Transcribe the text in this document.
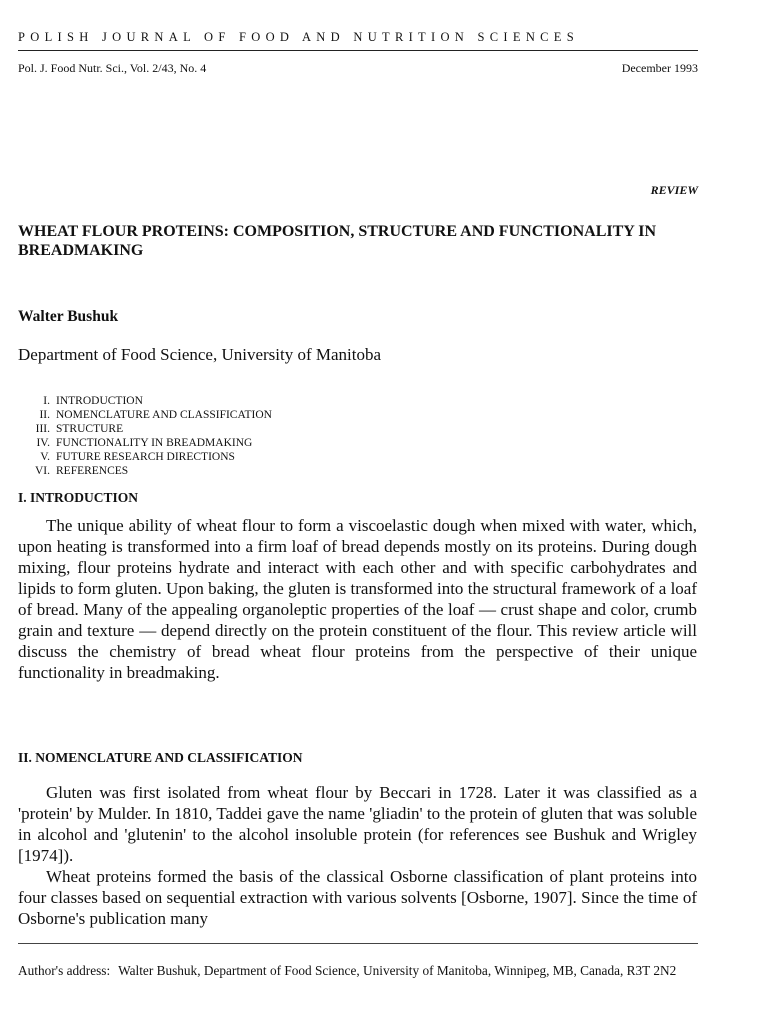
POLISH JOURNAL OF FOOD AND NUTRITION SCIENCES
Pol. J. Food Nutr. Sci., Vol. 2/43, No. 4	December 1993
REVIEW
WHEAT FLOUR PROTEINS: COMPOSITION, STRUCTURE AND FUNCTIONALITY IN BREADMAKING
Walter Bushuk
Department of Food Science, University of Manitoba
I. INTRODUCTION
II. NOMENCLATURE AND CLASSIFICATION
III. STRUCTURE
IV. FUNCTIONALITY IN BREADMAKING
V. FUTURE RESEARCH DIRECTIONS
VI. REFERENCES
I. INTRODUCTION

The unique ability of wheat flour to form a viscoelastic dough when mixed with water, which, upon heating is transformed into a firm loaf of bread depends mostly on its proteins. During dough mixing, flour proteins hydrate and interact with each other and with specific carbohydrates and lipids to form gluten. Upon baking, the gluten is transformed into the structural framework of a loaf of bread. Many of the appealing organoleptic properties of the loaf — crust shape and color, crumb grain and texture — depend directly on the protein constituent of the flour. This review article will discuss the chemistry of bread wheat flour proteins from the perspective of their unique functionality in breadmaking.

II. NOMENCLATURE AND CLASSIFICATION

Gluten was first isolated from wheat flour by Beccari in 1728. Later it was classified as a 'protein' by Mulder. In 1810, Taddei gave the name 'gliadin' to the protein of gluten that was soluble in alcohol and 'glutenin' to the alcohol insoluble protein (for references see Bushuk and Wrigley [1974]).

Wheat proteins formed the basis of the classical Osborne classification of plant proteins into four classes based on sequential extraction with various solvents [Osborne, 1907]. Since the time of Osborne's publication many

Author's address: Walter Bushuk, Department of Food Science, University of Manitoba, Winnipeg, MB, Canada, R3T 2N2
